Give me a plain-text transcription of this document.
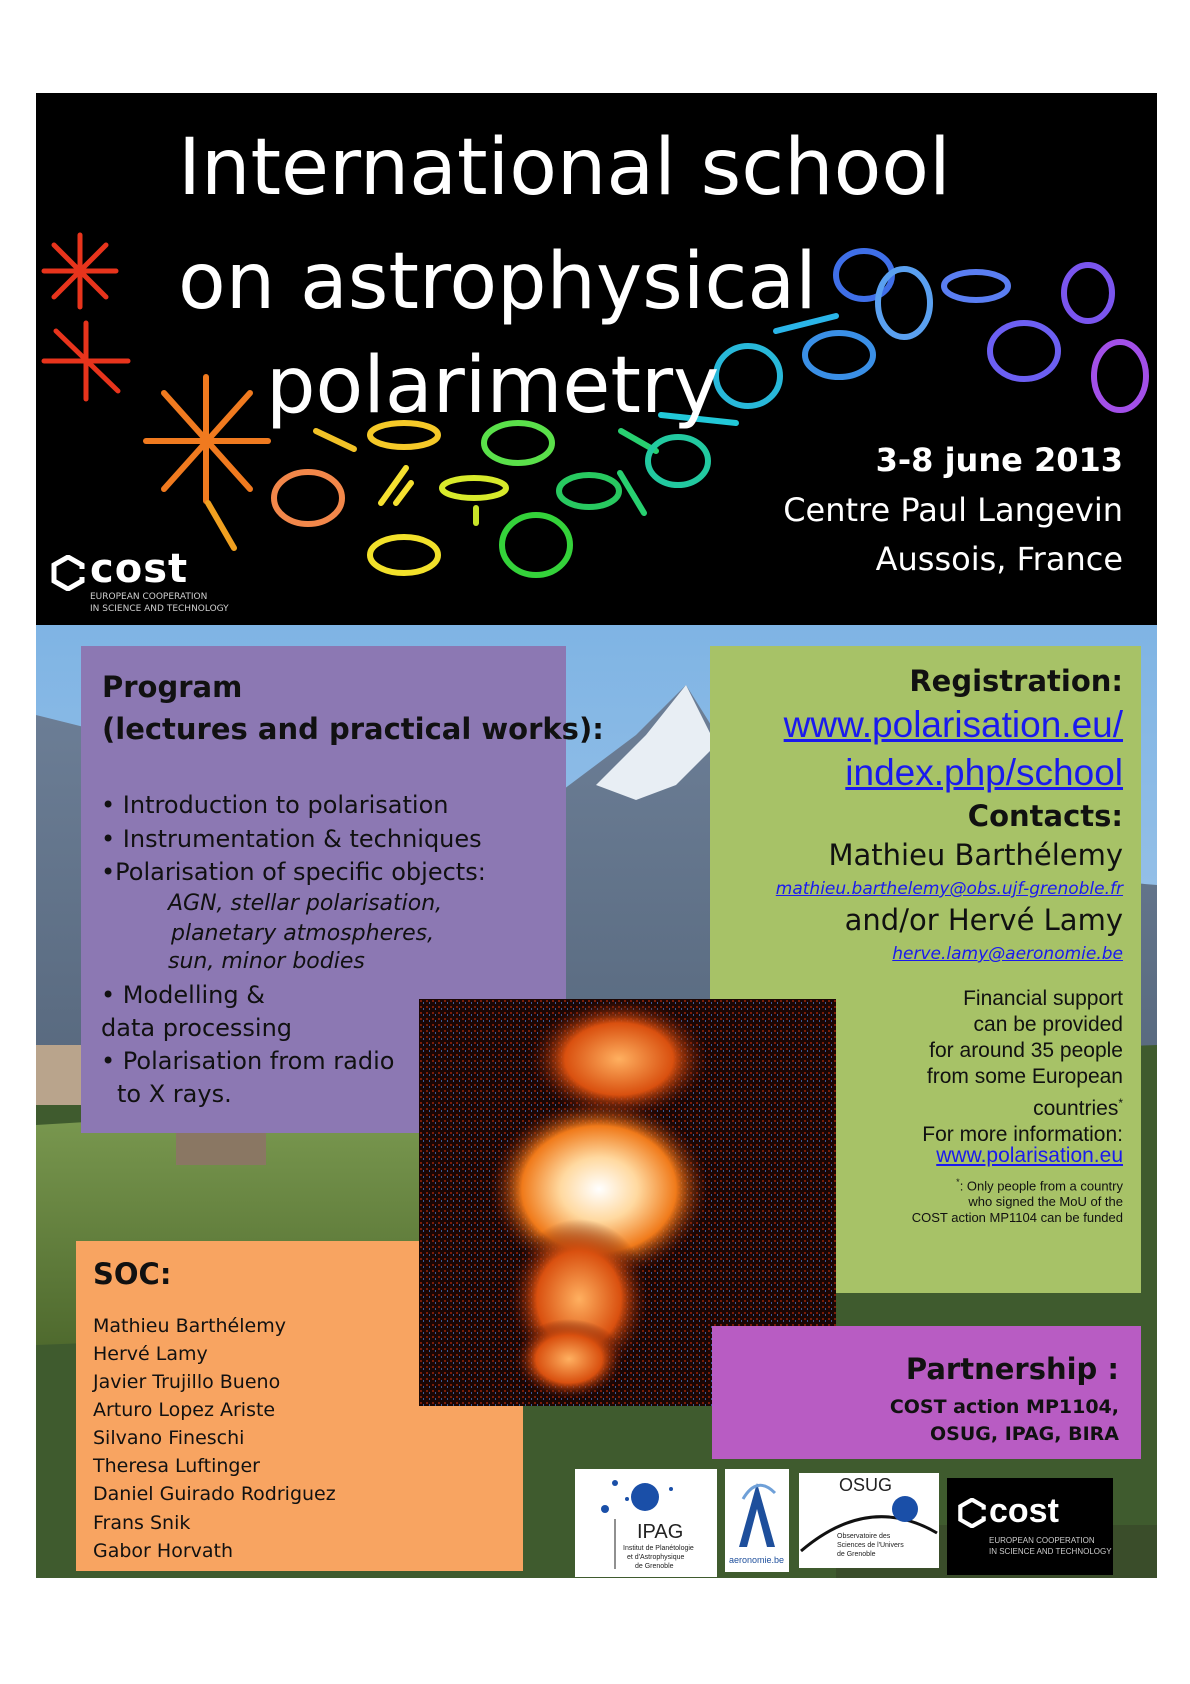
International school
on astrophysical
polarimetry
3-8 june 2013
Centre Paul Langevin
Aussois, France
cost
EUROPEAN COOPERATION
IN SCIENCE AND TECHNOLOGY
Program
(lectures and practical works):
• Introduction to polarisation
• Instrumentation & techniques
•Polarisation of specific objects:
AGN, stellar polarisation,
planetary atmospheres,
sun, minor bodies
• Modelling &
data processing
• Polarisation from radio
to X rays.
Registration:
www.polarisation.eu/
index.php/school
Contacts:
Mathieu Barthélemy
mathieu.barthelemy@obs.ujf-grenoble.fr
and/or Hervé Lamy
herve.lamy@aeronomie.be
Financial support
can be provided
for around 35 people
from some European
countries*
For more information:
www.polarisation.eu
*: Only people from a country
who signed the MoU of the
COST action MP1104 can be funded
SOC:
Mathieu Barthélemy
Hervé Lamy
Javier Trujillo Bueno
Arturo Lopez Ariste
Silvano Fineschi
Theresa Luftinger
Daniel Guirado Rodriguez
Frans Snik
Gabor Horvath
Partnership :
COST action MP1104,
OSUG, IPAG, BIRA
IPAG
Institut de Planétologie
et d'Astrophysique
de Grenoble
aeronomie.be
OSUG
Observatoire des
Sciences de l'Univers
de Grenoble
cost
EUROPEAN COOPERATION
IN SCIENCE AND TECHNOLOGY
